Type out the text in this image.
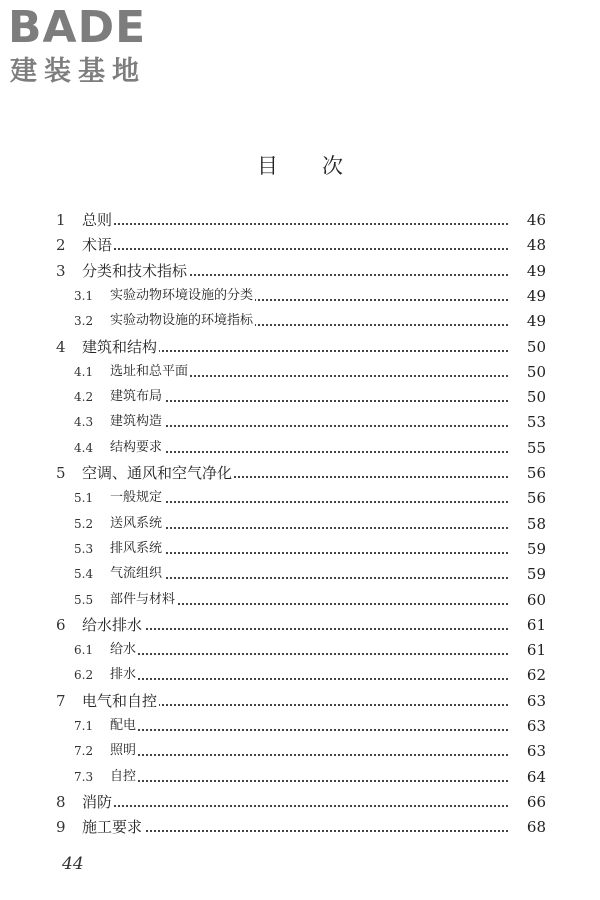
BADE
建装基地
目次
1 总则	46
2 术语	48
3 分类和技术指标	49
3.1 实验动物环境设施的分类	49
3.2 实验动物设施的环境指标	49
4 建筑和结构	50
4.1 选址和总平面	50
4.2 建筑布局	50
4.3 建筑构造	53
4.4 结构要求	55
5 空调、通风和空气净化	56
5.1 一般规定	56
5.2 送风系统	58
5.3 排风系统	59
5.4 气流组织	59
5.5 部件与材料	60
6 给水排水	61
6.1 给水	61
6.2 排水	62
7 电气和自控	63
7.1 配电	63
7.2 照明	63
7.3 自控	64
8 消防	66
9 施工要求	68
44
